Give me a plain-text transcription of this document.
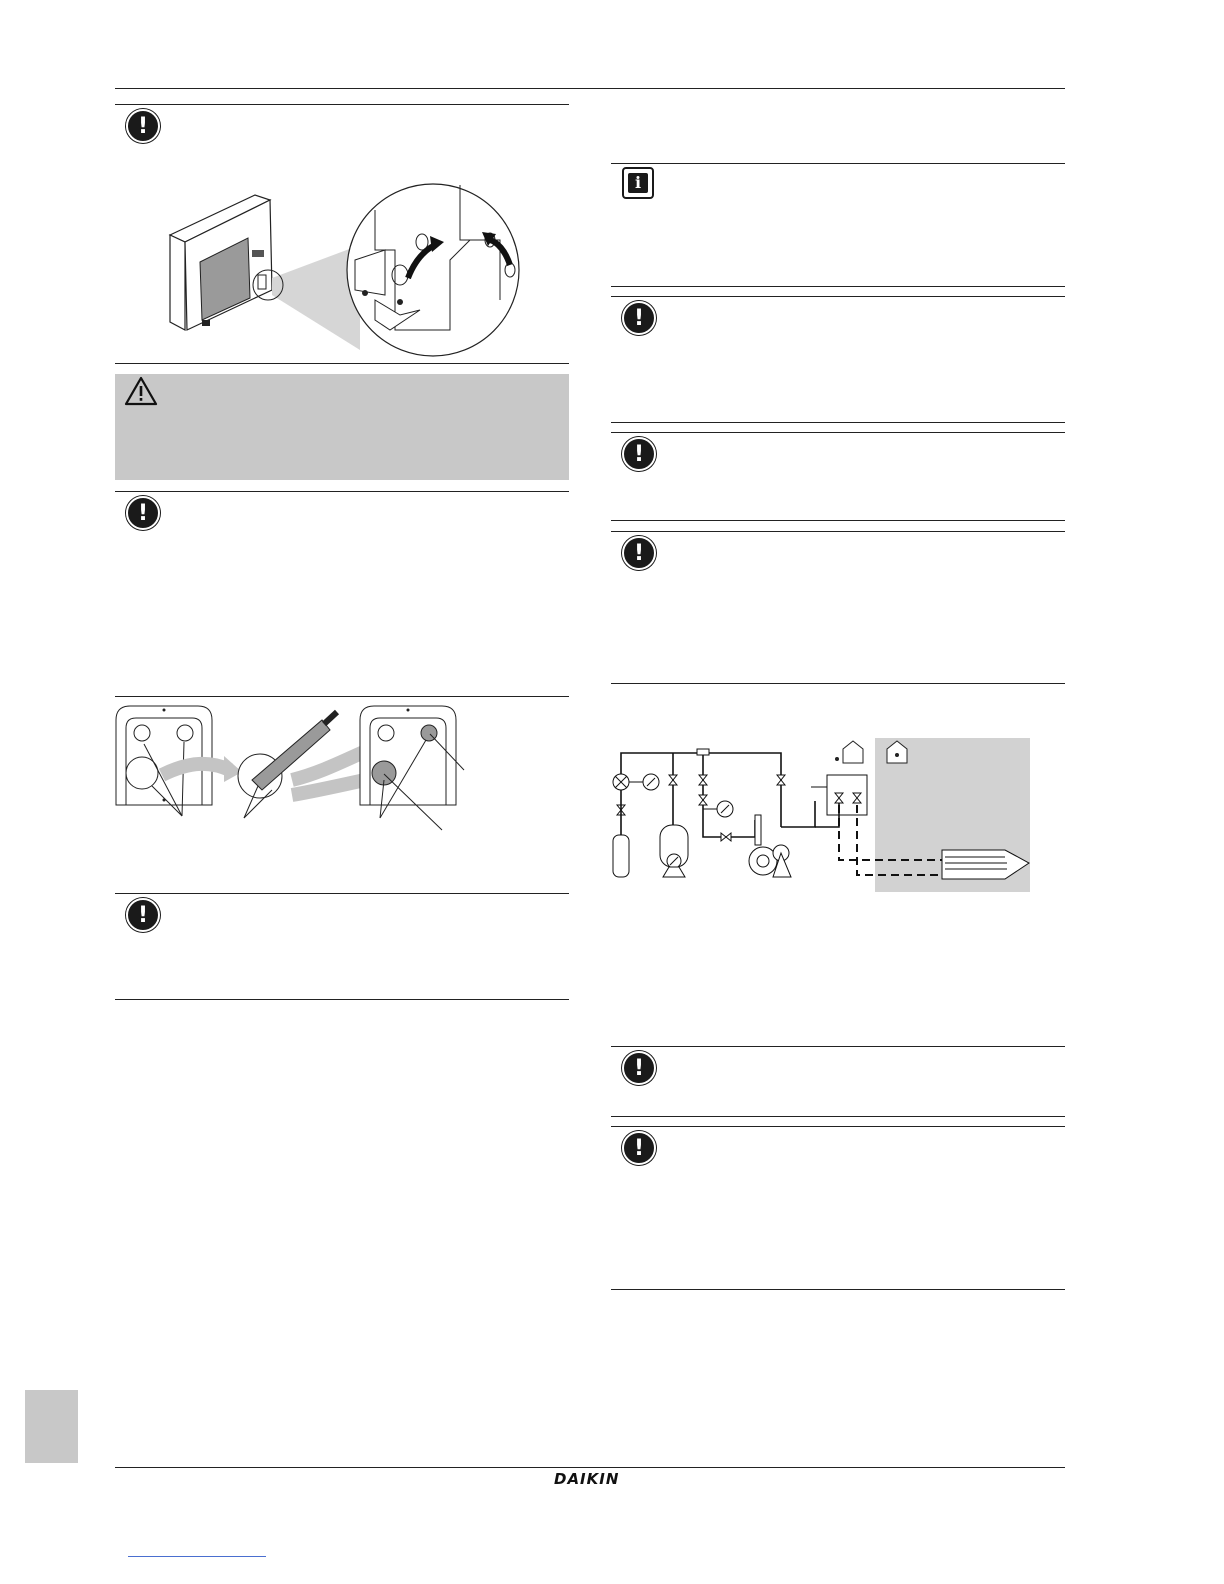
!
!
!
i
!
!
!
!
!
DAIKIN
